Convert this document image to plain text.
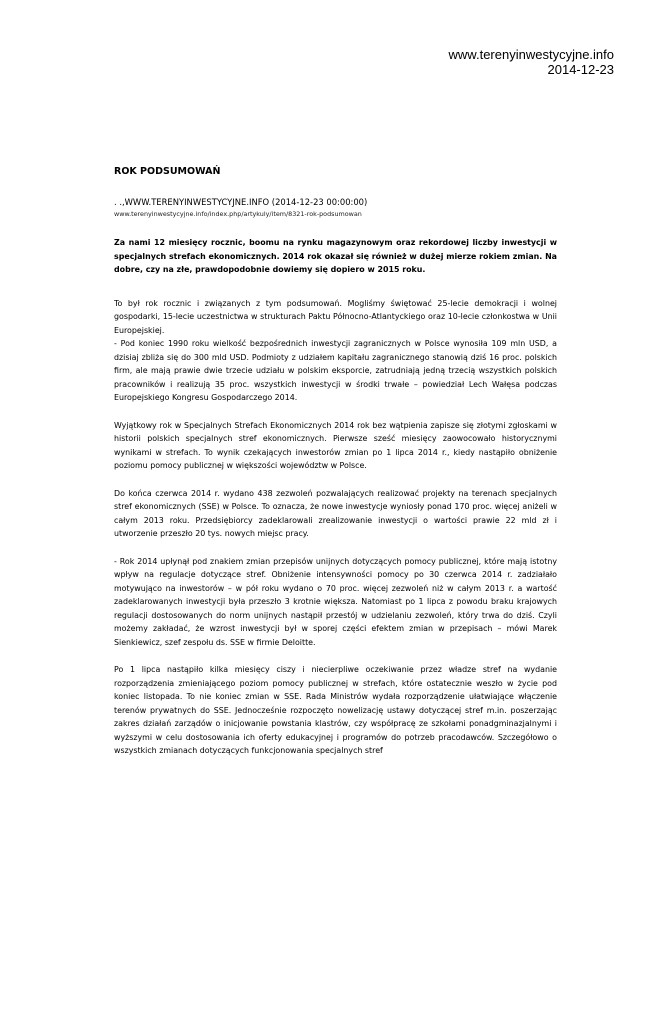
www.terenyinwestycyjne.info
2014-12-23
ROK PODSUMOWAŃ

. .,WWW.TERENYINWESTYCYJNE.INFO (2014-12-23 00:00:00)

www.terenyinwestycyjne.info/index.php/artykuly/item/8321-rok-podsumowan

Za nami 12 miesięcy rocznic, boomu na rynku magazynowym oraz rekordowej liczby inwestycji w specjalnych strefach ekonomicznych. 2014 rok okazał się również w dużej mierze rokiem zmian. Na dobre, czy na złe, prawdopodobnie dowiemy się dopiero w 2015 roku.

To był rok rocznic i związanych z tym podsumowań. Mogliśmy świętować 25-lecie demokracji i wolnej gospodarki, 15-lecie uczestnictwa w strukturach Paktu Północno-Atlantyckiego oraz 10-lecie członkostwa w Unii Europejskiej.

- Pod koniec 1990 roku wielkość bezpośrednich inwestycji zagranicznych w Polsce wynosiła 109 mln USD, a dzisiaj zbliża się do 300 mld USD. Podmioty z udziałem kapitału zagranicznego stanowią dziś 16 proc. polskich firm, ale mają prawie dwie trzecie udziału w polskim eksporcie, zatrudniają jedną trzecią wszystkich polskich pracowników i realizują 35 proc. wszystkich inwestycji w środki trwałe – powiedział Lech Wałęsa podczas Europejskiego Kongresu Gospodarczego 2014.

Wyjątkowy rok w Specjalnych Strefach Ekonomicznych 2014 rok bez wątpienia zapisze się złotymi zgłoskami w historii polskich specjalnych stref ekonomicznych. Pierwsze sześć miesięcy zaowocowało historycznymi wynikami w strefach. To wynik czekających inwestorów zmian po 1 lipca 2014 r., kiedy nastąpiło obniżenie poziomu pomocy publicznej w większości województw w Polsce.

Do końca czerwca 2014 r. wydano 438 zezwoleń pozwalających realizować projekty na terenach specjalnych stref ekonomicznych (SSE) w Polsce. To oznacza, że nowe inwestycje wyniosły ponad 170 proc. więcej aniżeli w całym 2013 roku. Przedsiębiorcy zadeklarowali zrealizowanie inwestycji o wartości prawie 22 mld zł i utworzenie przeszło 20 tys. nowych miejsc pracy.

- Rok 2014 upłynął pod znakiem zmian przepisów unijnych dotyczących pomocy publicznej, które mają istotny wpływ na regulacje dotyczące stref. Obniżenie intensywności pomocy po 30 czerwca 2014 r. zadziałało motywująco na inwestorów – w pół roku wydano o 70 proc. więcej zezwoleń niż w całym 2013 r. a wartość zadeklarowanych inwestycji była przeszło 3 krotnie większa. Natomiast po 1 lipca z powodu braku krajowych regulacji dostosowanych do norm unijnych nastąpił przestój w udzielaniu zezwoleń, który trwa do dziś. Czyli możemy zakładać, że wzrost inwestycji był w sporej części efektem zmian w przepisach – mówi Marek Sienkiewicz, szef zespołu ds. SSE w firmie Deloitte.

Po 1 lipca nastąpiło kilka miesięcy ciszy i niecierpliwe oczekiwanie przez władze stref na wydanie rozporządzenia zmieniającego poziom pomocy publicznej w strefach, które ostatecznie weszło w życie pod koniec listopada. To nie koniec zmian w SSE. Rada Ministrów wydała rozporządzenie ułatwiające włączenie terenów prywatnych do SSE. Jednocześnie rozpoczęto nowelizację ustawy dotyczącej stref m.in. poszerzając zakres działań zarządów o inicjowanie powstania klastrów, czy współpracę ze szkołami ponadgminazjalnymi i wyższymi w celu dostosowania ich oferty edukacyjnej i programów do potrzeb pracodawców. Szczegółowo o wszystkich zmianach dotyczących funkcjonowania specjalnych stref
